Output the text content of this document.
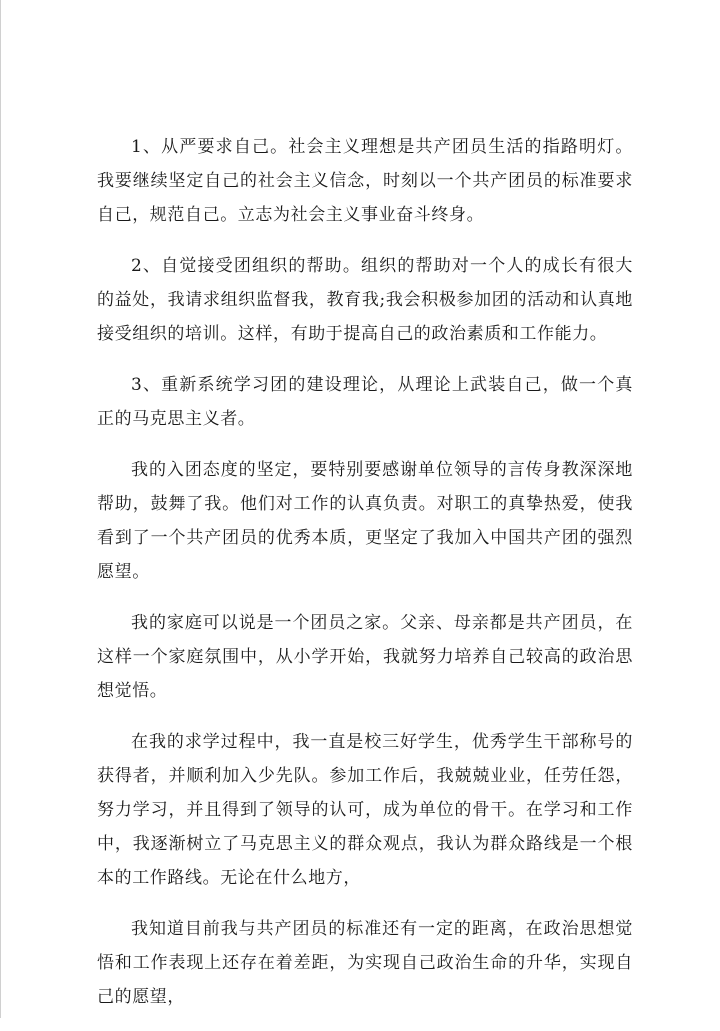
1、从严要求自己。社会主义理想是共产团员生活的指路明灯。我要继续坚定自己的社会主义信念，时刻以一个共产团员的标准要求自己，规范自己。立志为社会主义事业奋斗终身。

2、自觉接受团组织的帮助。组织的帮助对一个人的成长有很大的益处，我请求组织监督我，教育我;我会积极参加团的活动和认真地接受组织的培训。这样，有助于提高自己的政治素质和工作能力。

3、重新系统学习团的建设理论，从理论上武装自己，做一个真正的马克思主义者。

我的入团态度的坚定，要特别要感谢单位领导的言传身教深深地帮助，鼓舞了我。他们对工作的认真负责。对职工的真挚热爱，使我看到了一个共产团员的优秀本质，更坚定了我加入中国共产团的强烈愿望。

我的家庭可以说是一个团员之家。父亲、母亲都是共产团员，在这样一个家庭氛围中，从小学开始，我就努力培养自己较高的政治思想觉悟。

在我的求学过程中，我一直是校三好学生，优秀学生干部称号的获得者，并顺利加入少先队。参加工作后，我兢兢业业，任劳任怨，努力学习，并且得到了领导的认可，成为单位的骨干。在学习和工作中，我逐渐树立了马克思主义的群众观点，我认为群众路线是一个根本的工作路线。无论在什么地方，

我知道目前我与共产团员的标准还有一定的距离，在政治思想觉悟和工作表现上还存在着差距，为实现自己政治生命的升华，实现自己的愿望，
